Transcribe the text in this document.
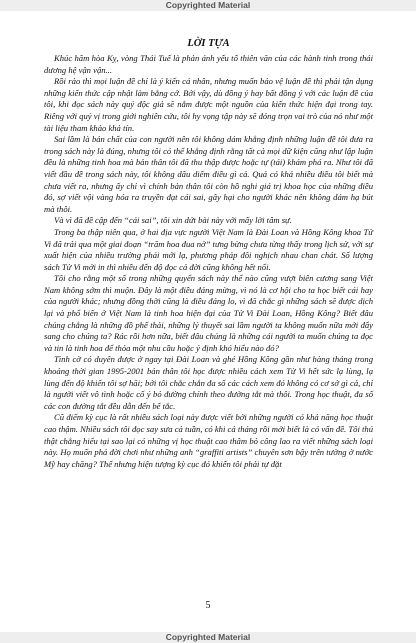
Copyrighted Material
LỜI TỰA

Khúc hãm hòa Kỵ, vòng Thái Tuế là phản ánh yếu tố thiên văn của các hành tinh trong thái dương hệ vận vận...

Rồi rảo thì mọi luận đề chỉ là ý kiến cá nhân, nhưng muốn bảo vệ luận đề thì phải tận dụng những kiến thức cập nhật làm bằng cớ. Bởi vậy, dù đồng ý hay bất đồng ý với các luận đề của tôi, khi đọc sách này quý độc giả sẽ nắm được một nguồn của kiến thức hiện đại trong tay. Riêng với quý vị trong giới nghiên cứu, tôi hy vọng tập này sẽ đóng trọn vai trò của nó như một tài liệu tham khảo khả tín.

Sai lầm là bản chất của con người nên tôi không dám khẳng định những luận đề tôi đưa ra trong sách này là đúng, nhưng tôi có thể khẳng định rằng tất cả mọi dữ kiện cũng như lập luận đều là những tinh hoa mà bản thân tôi đã thu thập được hoặc tự (tái) khám phá ra. Như tôi đã viết đầu đề trong sách này, tôi không dấu diếm điều gì cả. Quá có khá nhiều điều tôi biết mà chưa viết ra, nhưng ấy chỉ vì chính bản thân tôi còn hồ nghi giá trị khoa học của những điều đó, sợ viết vội vàng hóa ra truyền đạt cái sai, gây hại cho người khác nên không dám hạ bút mà thôi.

Và vì đã đề cập đến “cái sai”, tôi xin dứt bài này với mấy lời tâm sự.

Trong ba thập niên qua, ở hai địa vực người Việt Nam là Đài Loan và Hồng Kông khoa Tử Vi đã trải qua một giai đoạn “trăm hoa đua nở” tưng bừng chưa từng thấy trong lịch sử, với sự xuất hiện của nhiều trường phái mới lạ, phương pháp đôi nghịch nhau chan chát. Số lượng sách Tử Vi mới in thì nhiều đến độ đọc cả đời cũng không hết nổi.

Tôi cho rằng một số trong những quyển sách này thể nào cũng vượt biên cương sang Việt Nam không sớm thì muộn. Đây là một điều đáng mừng, vì nó là cơ hội cho ta học biết cái hay của người khác; nhưng đồng thời cũng là điều đáng lo, vì đã chắc gì những sách sẽ được dịch lại và phổ biến ở Việt Nam là tinh hoa hiện đại của Tử Vi Đài Loan, Hồng Kông? Biết đâu chúng chẳng là những đồ phế thải, những lý thuyết sai lầm người ta không muốn nữa mới đẩy sang cho chúng ta? Rác rồi hơn nữa, biết đâu chúng là những cái người ta muốn chúng ta đọc và tin là tinh hoa để thỏa một nhu cầu hoặc ý định khó hiểu nào đó?

Tình cờ có duyên được ở ngay tại Đài Loan và ghé Hồng Kông gần như hàng tháng trong khoảng thời gian 1995-2001 bản thân tôi học được nhiều cách xem Tử Vi hết sức lạ lùng, lạ lùng đến độ khiến tôi sợ hãi; bởi tôi chắc chắn đa số các cách xem đó không có cơ sở gì cả, chỉ là người viết vô tình hoặc cố ý bỏ đường chính theo đường tắt mà thôi. Trong học thuật, đa số các con đường tắt đều dẫn đến bế tắc.

Cũ điểm kỳ cục là rất nhiều sách loại này được viết bởi những người có khả năng học thuật cao thậm. Nhiều sách tôi đọc say sưa cả tuần, có khi cả tháng rồi mới biết là có vấn đề. Tôi thú thật chẳng hiểu tại sao lại có những vị học thuật cao thâm bỏ công lao ra viết những sách loại này. Họ muốn phá đời chơi như những anh “graffiti artists” chuyên sơn bậy trên tường ở nước Mỹ hay chăng? Thế nhưng hiện tượng kỳ cục đó khiến tôi phải tự đặt

5
Copyrighted Material
